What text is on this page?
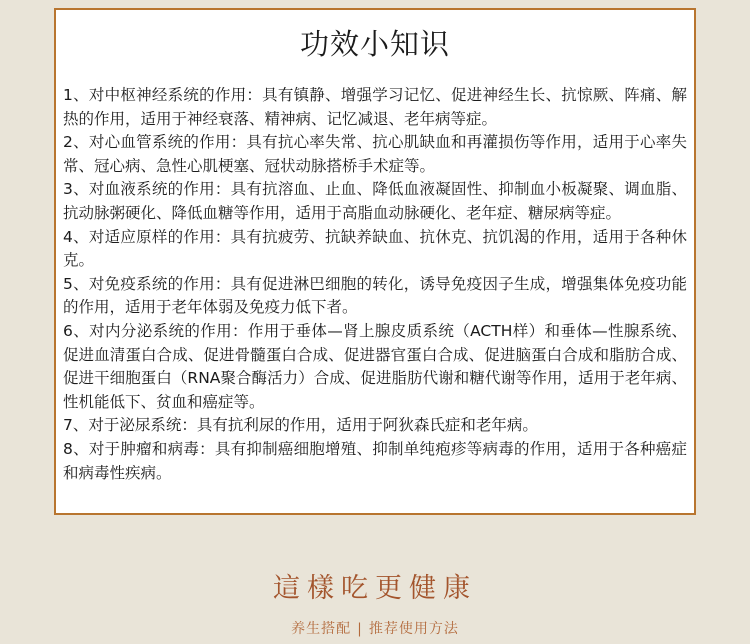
功效小知识

1、对中枢神经系统的作用：具有镇静、增强学习记忆、促进神经生长、抗惊厥、阵痛、解热的作用，适用于神经衰落、精神病、记忆减退、老年病等症。

2、对心血管系统的作用：具有抗心率失常、抗心肌缺血和再灌损伤等作用，适用于心率失常、冠心病、急性心肌梗塞、冠状动脉搭桥手术症等。

3、对血液系统的作用：具有抗溶血、止血、降低血液凝固性、抑制血小板凝聚、调血脂、抗动脉粥硬化、降低血糖等作用，适用于高脂血动脉硬化、老年症、糖尿病等症。

4、对适应原样的作用：具有抗疲劳、抗缺养缺血、抗休克、抗饥渴的作用，适用于各种休克。

5、对免疫系统的作用：具有促进淋巴细胞的转化，诱导免疫因子生成，增强集体免疫功能的作用，适用于老年体弱及免疫力低下者。

6、对内分泌系统的作用：作用于垂体—肾上腺皮质系统（ACTH样）和垂体—性腺系统、促进血清蛋白合成、促进骨髓蛋白合成、促进器官蛋白合成、促进脑蛋白合成和脂肪合成、促进干细胞蛋白（RNA聚合酶活力）合成、促进脂肪代谢和糖代谢等作用，适用于老年病、性机能低下、贫血和癌症等。

7、对于泌尿系统：具有抗利尿的作用，适用于阿狄森氏症和老年病。

8、对于肿瘤和病毒：具有抑制癌细胞增殖、抑制单纯疱疹等病毒的作用，适用于各种癌症和病毒性疾病。

這樣吃更健康

养生搭配 | 推荐使用方法
